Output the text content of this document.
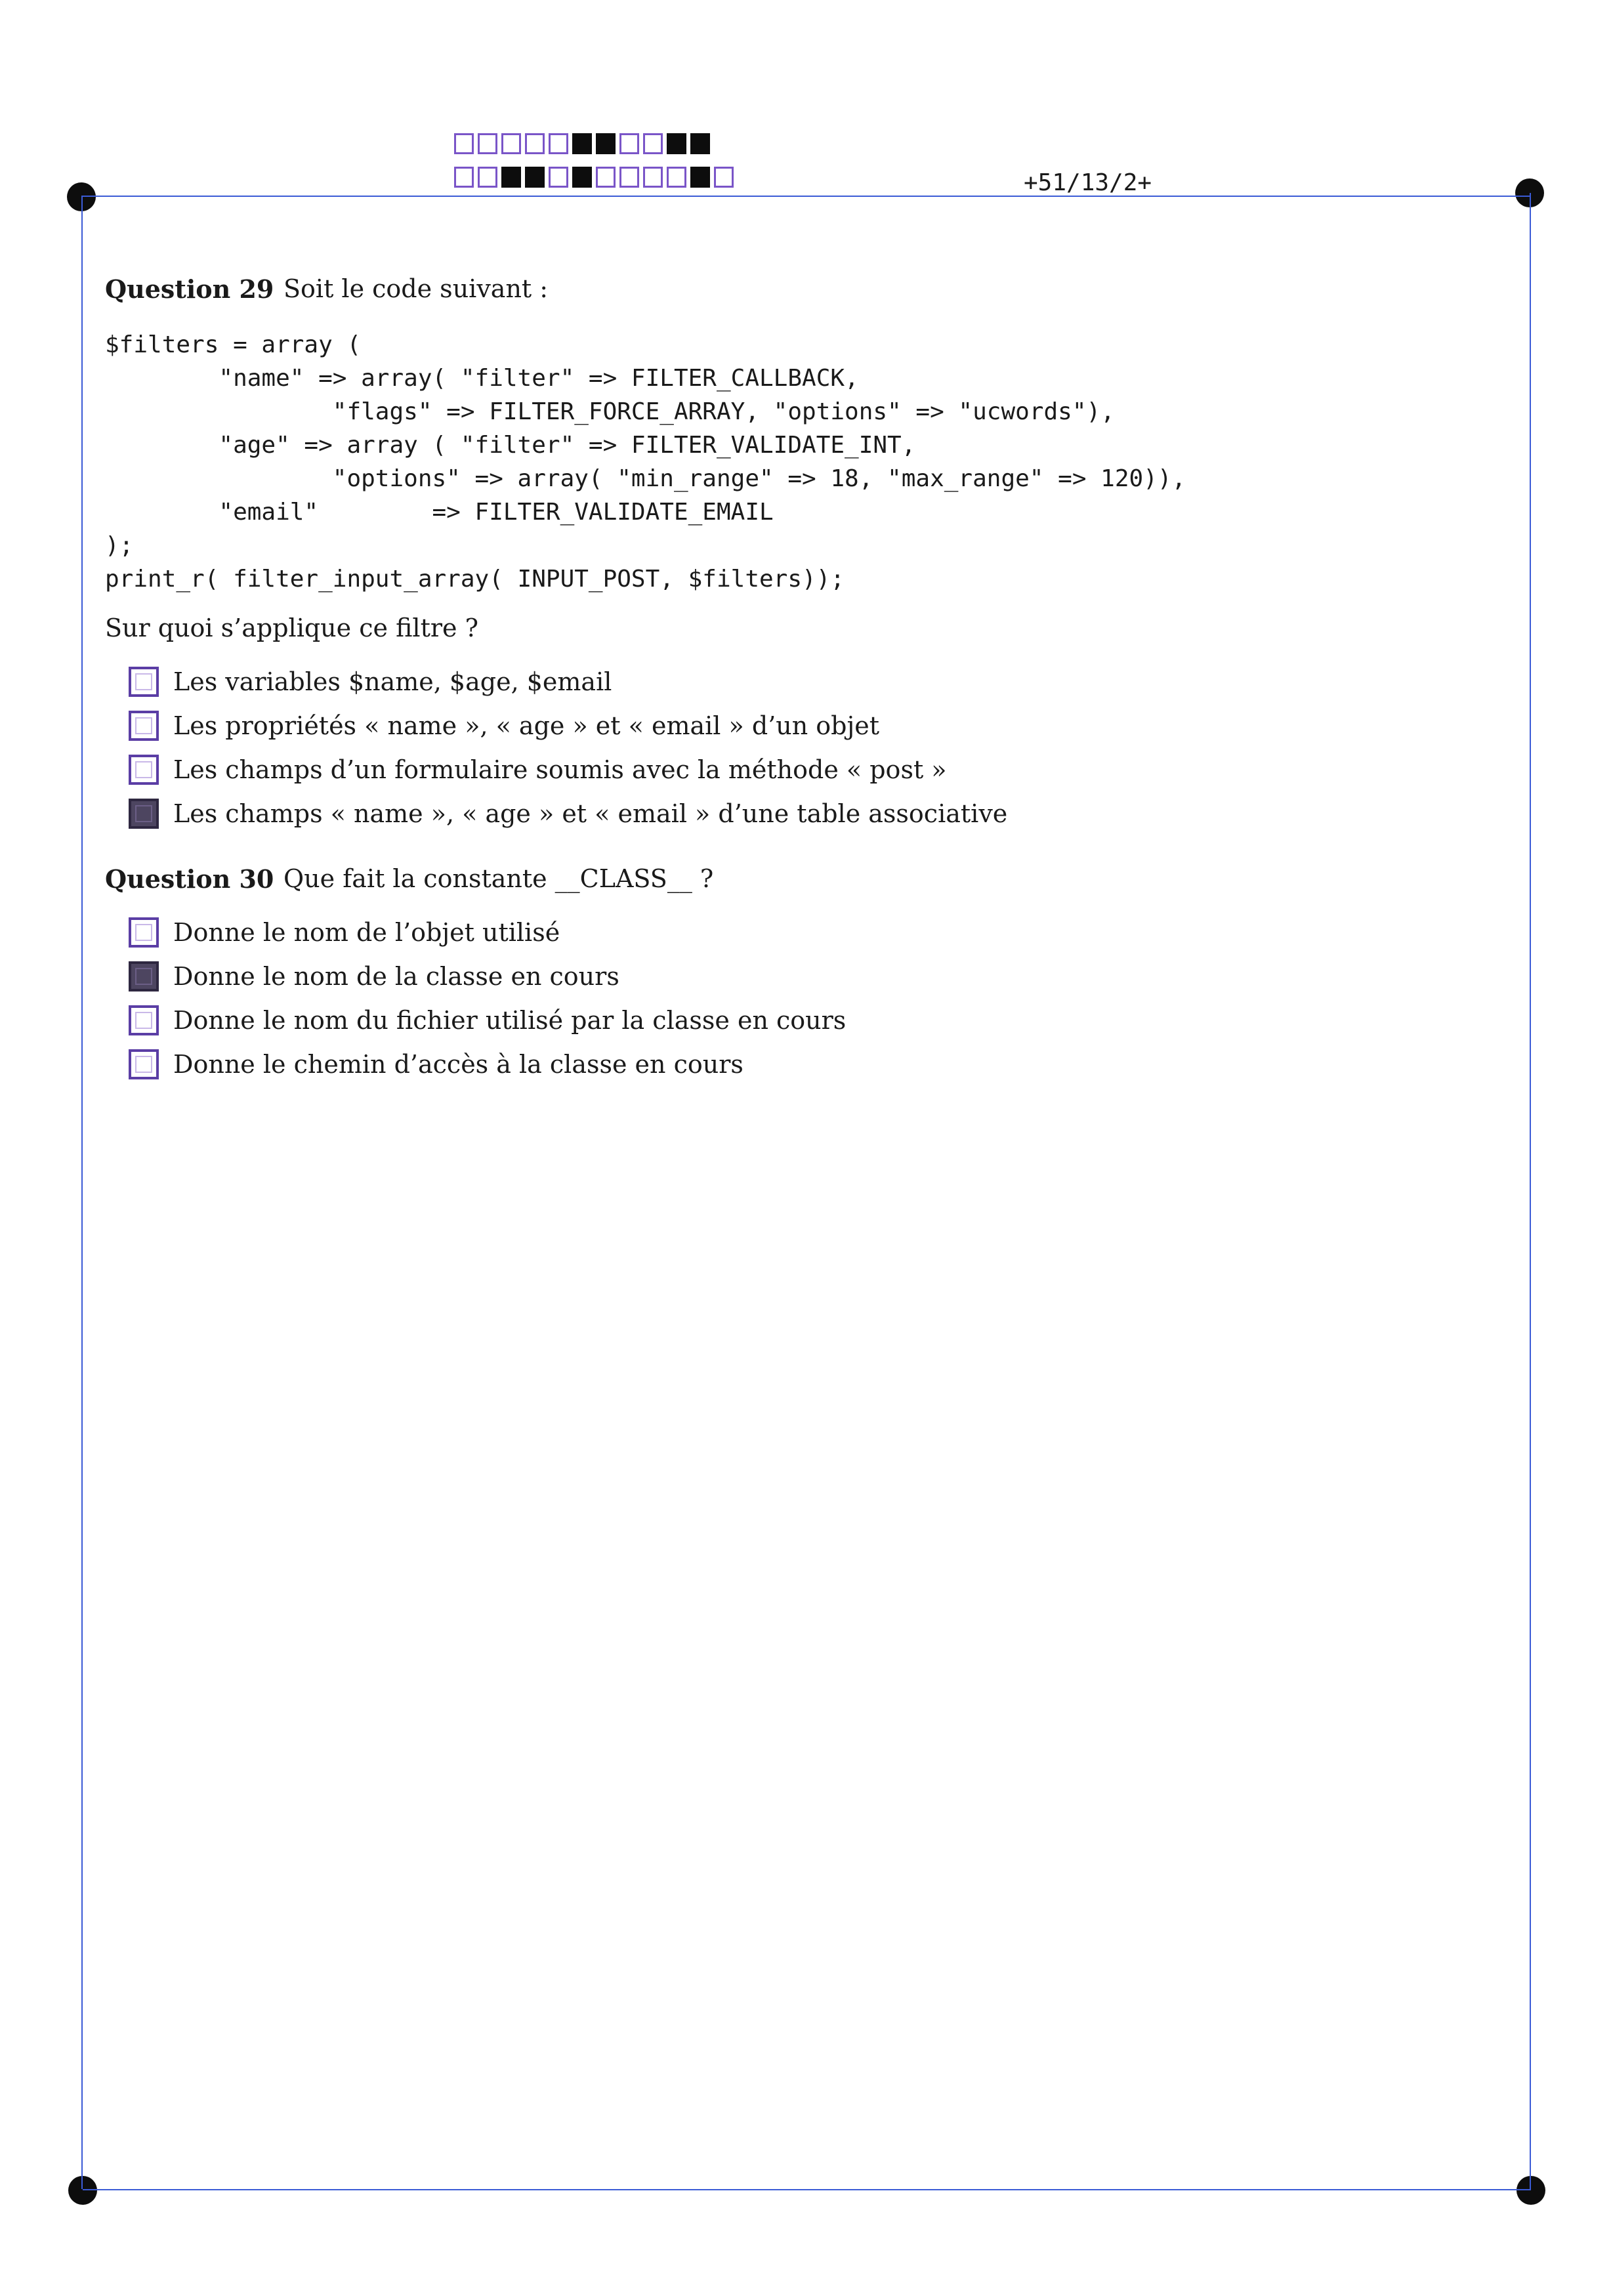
+51/13/2+
Question 29 Soit le code suivant :
$filters = array (
"name" => array( "filter" => FILTER_CALLBACK,
"flags" => FILTER_FORCE_ARRAY, "options" => "ucwords"),
"age" => array ( "filter" => FILTER_VALIDATE_INT,
"options" => array( "min_range" => 18, "max_range" => 120)),
"email"        => FILTER_VALIDATE_EMAIL
);
print_r( filter_input_array( INPUT_POST, $filters));
Sur quoi s’applique ce filtre ?
Les variables $name, $age, $email
Les propriétés « name », « age » et « email » d’un objet
Les champs d’un formulaire soumis avec la méthode « post »
Les champs « name », « age » et « email » d’une table associative
Question 30 Que fait la constante __CLASS__ ?
Donne le nom de l’objet utilisé
Donne le nom de la classe en cours
Donne le nom du fichier utilisé par la classe en cours
Donne le chemin d’accès à la classe en cours
